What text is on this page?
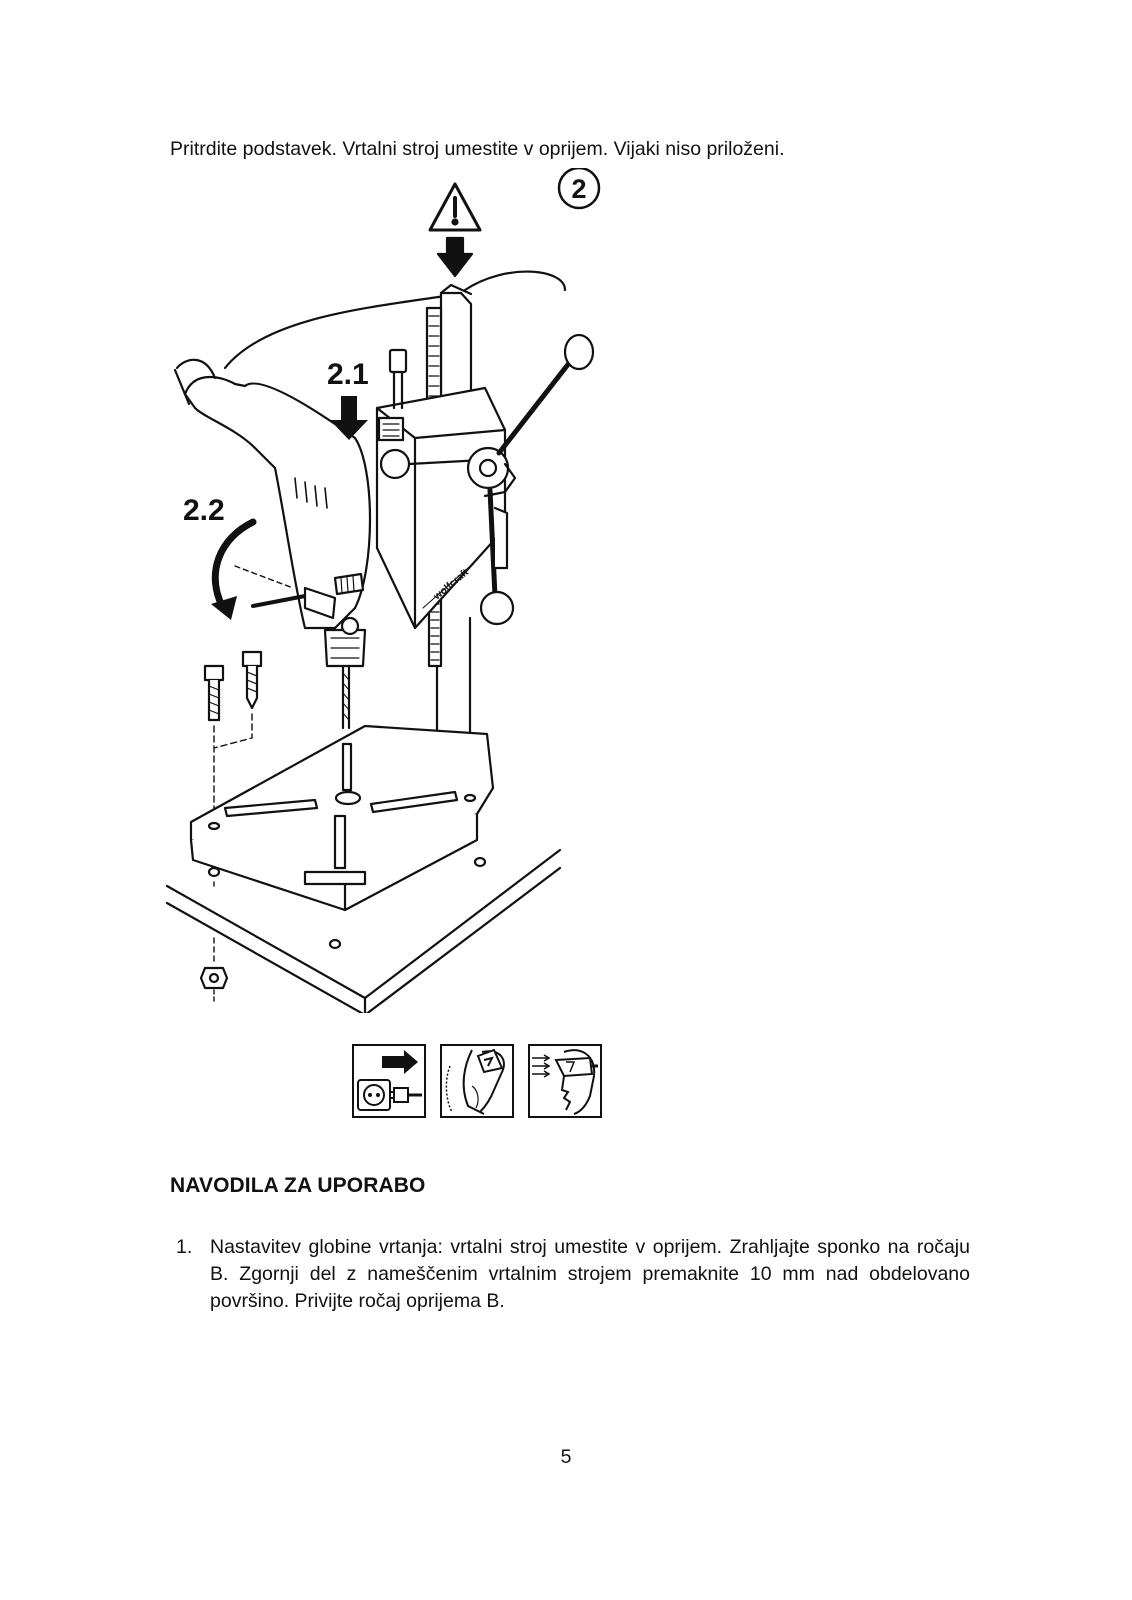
Pritrdite podstavek. Vrtalni stroj umestite v oprijem. Vijaki niso priloženi.
2
2.1
2.2
wolfcraft
NAVODILA ZA UPORABO
1. Nastavitev globine vrtanja: vrtalni stroj umestite v oprijem. Zrahljajte sponko na ročaju B. Zgornji del z nameščenim vrtalnim strojem premaknite 10 mm nad obdelovano površino. Privijte ročaj oprijema B.
5
